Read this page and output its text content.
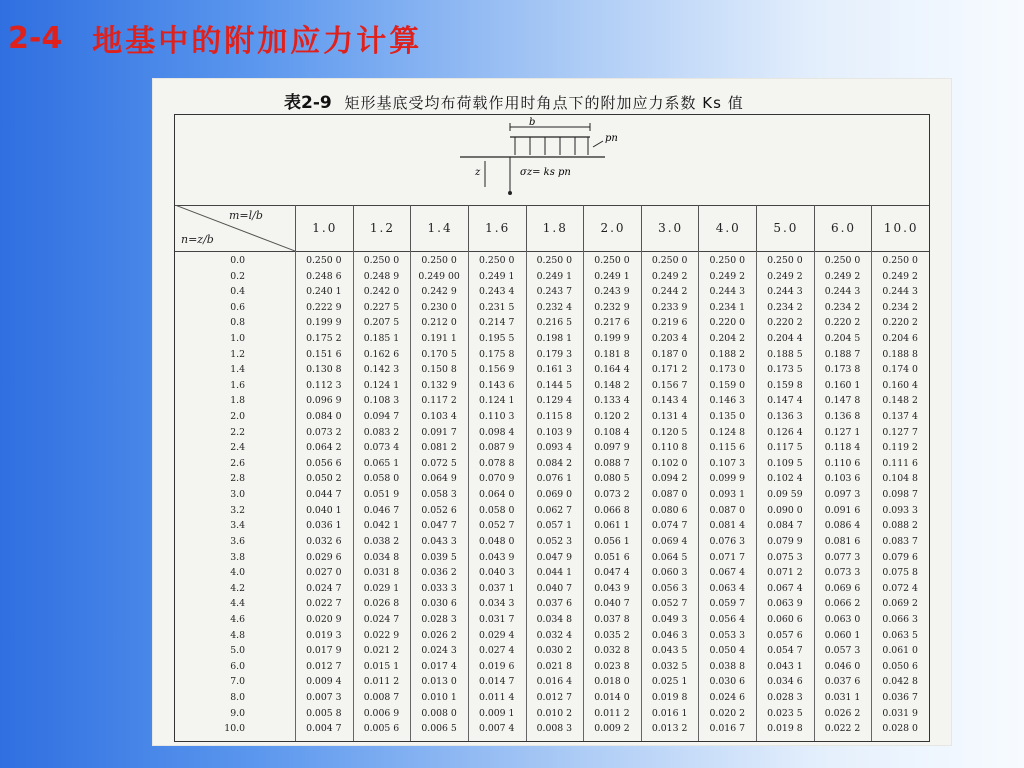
2-4 地基中的附加应力计算
表2-9 矩形基底受均布荷载作用时角点下的附加应力系数 Ks 值
b
pn
z	σz= ks pn
m=l/b
n=z/b
1.0	1.2	1.4	1.6	1.8	2.0	3.0	4.0	5.0	6.0	10.0
0.0	0.250 0	0.250 0	0.250 0	0.250 0	0.250 0	0.250 0	0.250 0	0.250 0	0.250 0	0.250 0	0.250 0
0.2	0.248 6	0.248 9	0.249 00	0.249 1	0.249 1	0.249 1	0.249 2	0.249 2	0.249 2	0.249 2	0.249 2
0.4	0.240 1	0.242 0	0.242 9	0.243 4	0.243 7	0.243 9	0.244 2	0.244 3	0.244 3	0.244 3	0.244 3
0.6	0.222 9	0.227 5	0.230 0	0.231 5	0.232 4	0.232 9	0.233 9	0.234 1	0.234 2	0.234 2	0.234 2
0.8	0.199 9	0.207 5	0.212 0	0.214 7	0.216 5	0.217 6	0.219 6	0.220 0	0.220 2	0.220 2	0.220 2
1.0	0.175 2	0.185 1	0.191 1	0.195 5	0.198 1	0.199 9	0.203 4	0.204 2	0.204 4	0.204 5	0.204 6
1.2	0.151 6	0.162 6	0.170 5	0.175 8	0.179 3	0.181 8	0.187 0	0.188 2	0.188 5	0.188 7	0.188 8
1.4	0.130 8	0.142 3	0.150 8	0.156 9	0.161 3	0.164 4	0.171 2	0.173 0	0.173 5	0.173 8	0.174 0
1.6	0.112 3	0.124 1	0.132 9	0.143 6	0.144 5	0.148 2	0.156 7	0.159 0	0.159 8	0.160 1	0.160 4
1.8	0.096 9	0.108 3	0.117 2	0.124 1	0.129 4	0.133 4	0.143 4	0.146 3	0.147 4	0.147 8	0.148 2
2.0	0.084 0	0.094 7	0.103 4	0.110 3	0.115 8	0.120 2	0.131 4	0.135 0	0.136 3	0.136 8	0.137 4
2.2	0.073 2	0.083 2	0.091 7	0.098 4	0.103 9	0.108 4	0.120 5	0.124 8	0.126 4	0.127 1	0.127 7
2.4	0.064 2	0.073 4	0.081 2	0.087 9	0.093 4	0.097 9	0.110 8	0.115 6	0.117 5	0.118 4	0.119 2
2.6	0.056 6	0.065 1	0.072 5	0.078 8	0.084 2	0.088 7	0.102 0	0.107 3	0.109 5	0.110 6	0.111 6
2.8	0.050 2	0.058 0	0.064 9	0.070 9	0.076 1	0.080 5	0.094 2	0.099 9	0.102 4	0.103 6	0.104 8
3.0	0.044 7	0.051 9	0.058 3	0.064 0	0.069 0	0.073 2	0.087 0	0.093 1	0.09 59	0.097 3	0.098 7
3.2	0.040 1	0.046 7	0.052 6	0.058 0	0.062 7	0.066 8	0.080 6	0.087 0	0.090 0	0.091 6	0.093 3
3.4	0.036 1	0.042 1	0.047 7	0.052 7	0.057 1	0.061 1	0.074 7	0.081 4	0.084 7	0.086 4	0.088 2
3.6	0.032 6	0.038 2	0.043 3	0.048 0	0.052 3	0.056 1	0.069 4	0.076 3	0.079 9	0.081 6	0.083 7
3.8	0.029 6	0.034 8	0.039 5	0.043 9	0.047 9	0.051 6	0.064 5	0.071 7	0.075 3	0.077 3	0.079 6
4.0	0.027 0	0.031 8	0.036 2	0.040 3	0.044 1	0.047 4	0.060 3	0.067 4	0.071 2	0.073 3	0.075 8
4.2	0.024 7	0.029 1	0.033 3	0.037 1	0.040 7	0.043 9	0.056 3	0.063 4	0.067 4	0.069 6	0.072 4
4.4	0.022 7	0.026 8	0.030 6	0.034 3	0.037 6	0.040 7	0.052 7	0.059 7	0.063 9	0.066 2	0.069 2
4.6	0.020 9	0.024 7	0.028 3	0.031 7	0.034 8	0.037 8	0.049 3	0.056 4	0.060 6	0.063 0	0.066 3
4.8	0.019 3	0.022 9	0.026 2	0.029 4	0.032 4	0.035 2	0.046 3	0.053 3	0.057 6	0.060 1	0.063 5
5.0	0.017 9	0.021 2	0.024 3	0.027 4	0.030 2	0.032 8	0.043 5	0.050 4	0.054 7	0.057 3	0.061 0
6.0	0.012 7	0.015 1	0.017 4	0.019 6	0.021 8	0.023 8	0.032 5	0.038 8	0.043 1	0.046 0	0.050 6
7.0	0.009 4	0.011 2	0.013 0	0.014 7	0.016 4	0.018 0	0.025 1	0.030 6	0.034 6	0.037 6	0.042 8
8.0	0.007 3	0.008 7	0.010 1	0.011 4	0.012 7	0.014 0	0.019 8	0.024 6	0.028 3	0.031 1	0.036 7
9.0	0.005 8	0.006 9	0.008 0	0.009 1	0.010 2	0.011 2	0.016 1	0.020 2	0.023 5	0.026 2	0.031 9
10.0	0.004 7	0.005 6	0.006 5	0.007 4	0.008 3	0.009 2	0.013 2	0.016 7	0.019 8	0.022 2	0.028 0
